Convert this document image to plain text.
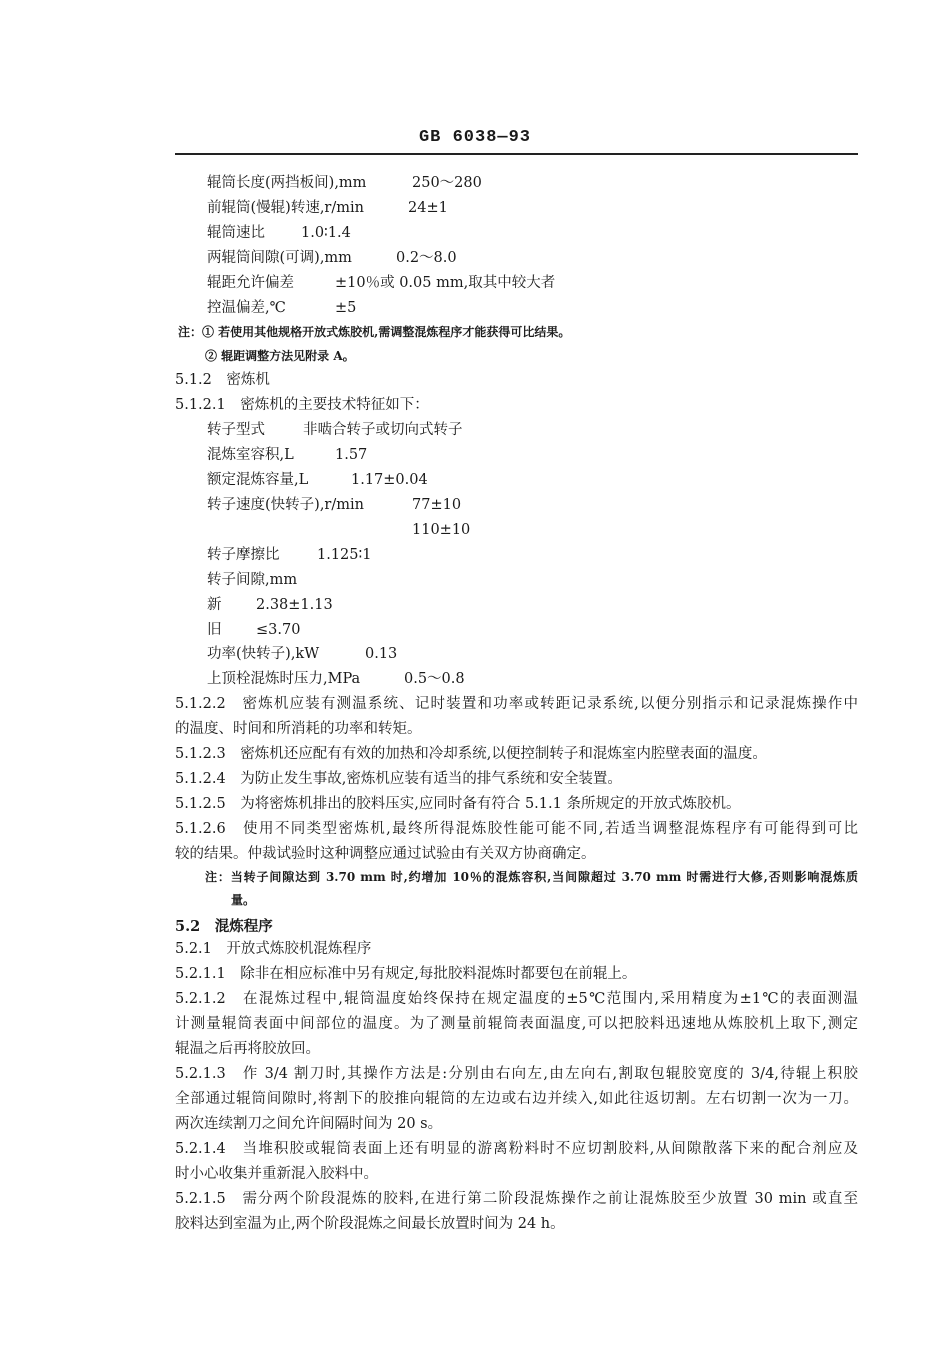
GB 6038—93
辊筒长度(两挡板间),mm	250～280
前辊筒(慢辊)转速,r/min	24±1
辊筒速比 1.0∶1.4
两辊筒间隙(可调),mm	0.2～8.0
辊距允许偏差	±10％或 0.05 mm,取其中较大者
控温偏差,℃	±5
注：① 若使用其他规格开放式炼胶机,需调整混炼程序才能获得可比结果。
② 辊距调整方法见附录 A。
5.1.2　密炼机
5.1.2.1　密炼机的主要技术特征如下：
转子型式	非啮合转子或切向式转子
混炼室容积,L	1.57
额定混炼容量,L	1.17±0.04
转子速度(快转子),r/min	77±10
110±10
转子摩擦比	1.125∶1
转子间隙,mm
新 2.38±1.13
旧 ≤3.70
功率(快转子),kW	0.13
上顶栓混炼时压力,MPa	0.5～0.8
5.1.2.2　密炼机应装有测温系统、记时装置和功率或转距记录系统,以便分别指示和记录混炼操作中
的温度、时间和所消耗的功率和转矩。
5.1.2.3　密炼机还应配有有效的加热和冷却系统,以便控制转子和混炼室内腔壁表面的温度。
5.1.2.4　为防止发生事故,密炼机应装有适当的排气系统和安全装置。
5.1.2.5　为将密炼机排出的胶料压实,应同时备有符合 5.1.1 条所规定的开放式炼胶机。
5.1.2.6　使用不同类型密炼机,最终所得混炼胶性能可能不同,若适当调整混炼程序有可能得到可比
较的结果。仲裁试验时这种调整应通过试验由有关双方协商确定。
注：当转子间隙达到 3.70 mm 时,约增加 10％的混炼容积,当间隙超过 3.70 mm 时需进行大修,否则影响混炼质
量。
5.2　混炼程序
5.2.1　开放式炼胶机混炼程序
5.2.1.1　除非在相应标准中另有规定,每批胶料混炼时都要包在前辊上。
5.2.1.2　在混炼过程中,辊筒温度始终保持在规定温度的±5℃范围内,采用精度为±1℃的表面测温
计测量辊筒表面中间部位的温度。为了测量前辊筒表面温度,可以把胶料迅速地从炼胶机上取下,测定
辊温之后再将胶放回。
5.2.1.3　作 3/4 割刀时,其操作方法是:分别由右向左,由左向右,割取包辊胶宽度的 3/4,待辊上积胶
全部通过辊筒间隙时,将割下的胶推向辊筒的左边或右边并续入,如此往返切割。左右切割一次为一刀。
两次连续割刀之间允许间隔时间为 20 s。
5.2.1.4　当堆积胶或辊筒表面上还有明显的游离粉料时不应切割胶料,从间隙散落下来的配合剂应及
时小心收集并重新混入胶料中。
5.2.1.5　需分两个阶段混炼的胶料,在进行第二阶段混炼操作之前让混炼胶至少放置 30 min 或直至
胶料达到室温为止,两个阶段混炼之间最长放置时间为 24 h。
